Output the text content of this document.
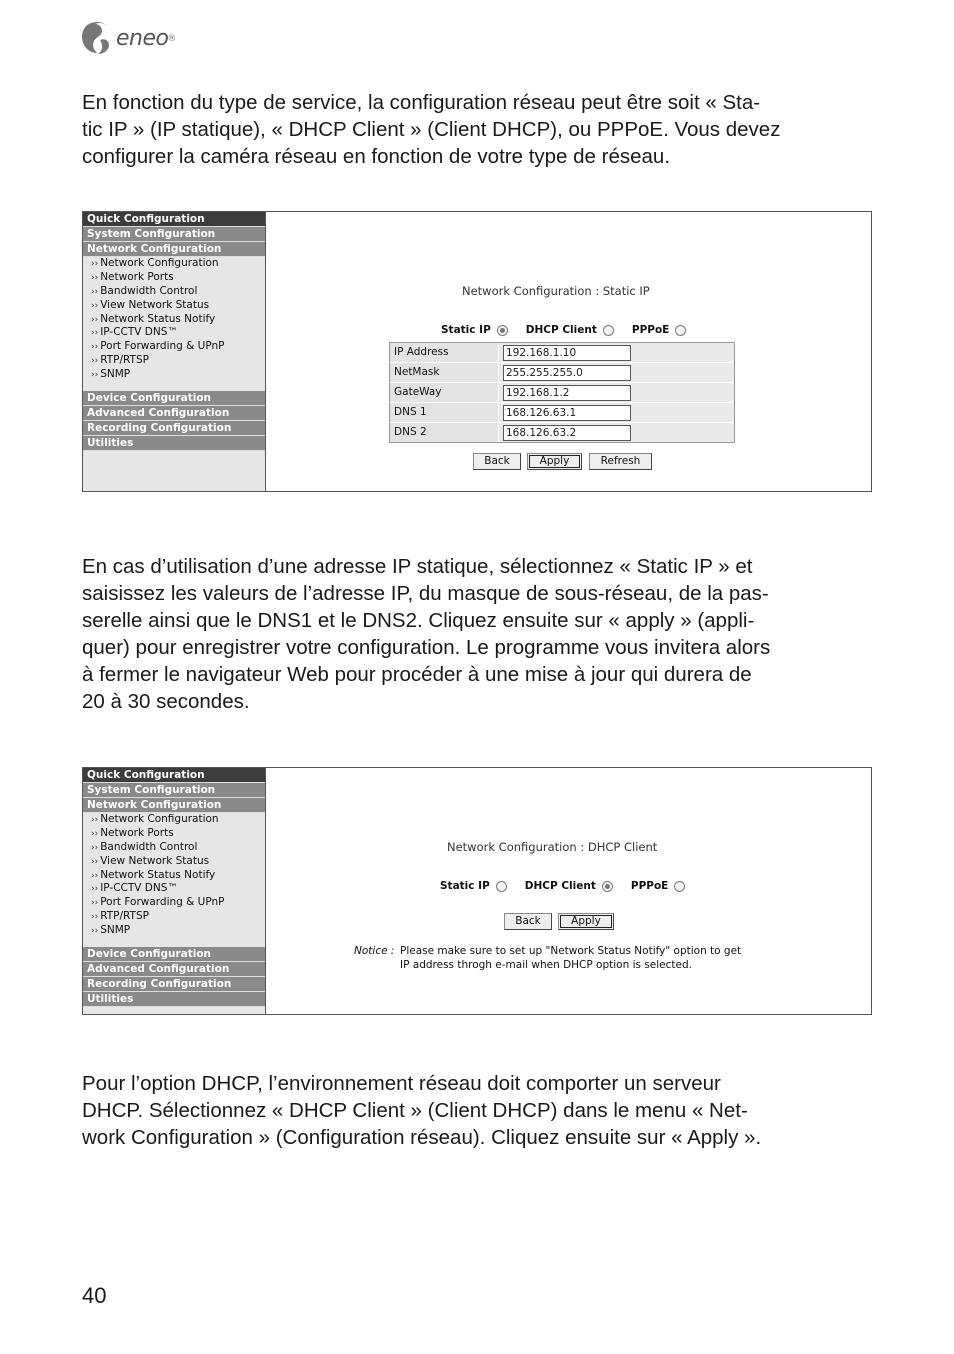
eneo ®

En fonction du type de service, la configuration réseau peut être soit « Sta-
tic IP » (IP statique), « DHCP Client » (Client DHCP), ou PPPoE. Vous devez
configurer la caméra réseau en fonction de votre type de réseau.

Quick Configuration
System Configuration
Network Configuration
›› Network Configuration
›› Network Ports
›› Bandwidth Control
›› View Network Status
›› Network Status Notify
›› IP-CCTV DNS™
›› Port Forwarding & UPnP
›› RTP/RTSP
›› SNMP
Device Configuration
Advanced Configuration
Recording Configuration
Utilities
Network Configuration : Static IP
Static IP	DHCP Client	PPPoE
IP Address	192.168.1.10
NetMask	255.255.255.0
GateWay	192.168.1.2
DNS 1	168.126.63.1
DNS 2	168.126.63.2
Back	Apply	Refresh

En cas d’utilisation d’une adresse IP statique, sélectionnez « Static IP » et
saisissez les valeurs de l’adresse IP, du masque de sous-réseau, de la pas-
serelle ainsi que le DNS1 et le DNS2. Cliquez ensuite sur « apply » (appli-
quer) pour enregistrer votre configuration. Le programme vous invitera alors
à fermer le navigateur Web pour procéder à une mise à jour qui durera de
20 à 30 secondes.

Quick Configuration
System Configuration
Network Configuration
›› Network Configuration
›› Network Ports
›› Bandwidth Control
›› View Network Status
›› Network Status Notify
›› IP-CCTV DNS™
›› Port Forwarding & UPnP
›› RTP/RTSP
›› SNMP
Device Configuration
Advanced Configuration
Recording Configuration
Utilities
Network Configuration : DHCP Client
Static IP	DHCP Client	PPPoE
Back	Apply
Notice : Please make sure to set up "Network Status Notify" option to get
IP address throgh e-mail when DHCP option is selected.

Pour l’option DHCP, l’environnement réseau doit comporter un serveur
DHCP. Sélectionnez « DHCP Client » (Client DHCP) dans le menu « Net-
work Configuration » (Configuration réseau). Cliquez ensuite sur « Apply ».

40
